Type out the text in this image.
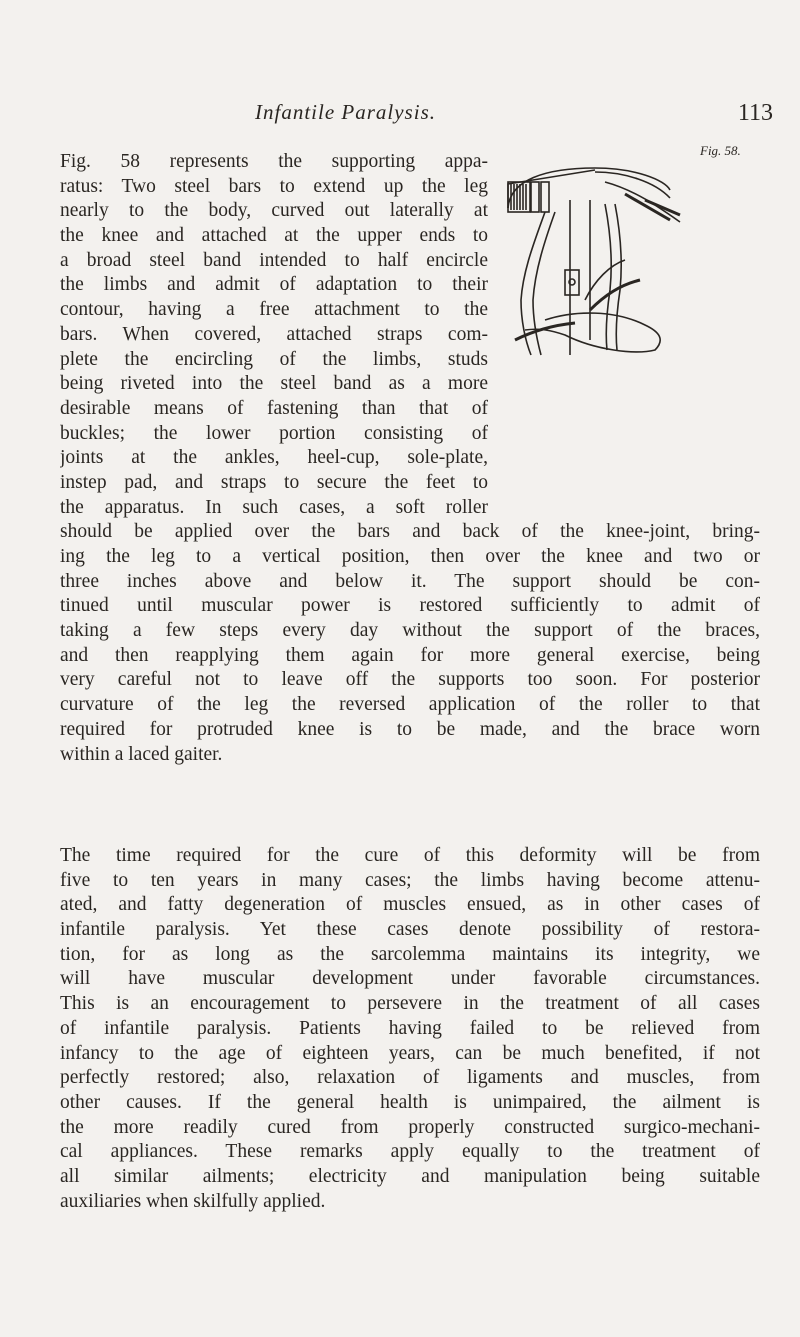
Infantile Paralysis.	113
Fig. 58.
Fig. 58 represents the supporting appa-
ratus: Two steel bars to extend up the leg
nearly to the body, curved out laterally at
the knee and attached at the upper ends to
a broad steel band intended to half encircle
the limbs and admit of adaptation to their
contour, having a free attachment to the
bars. When covered, attached straps com-
plete the encircling of the limbs, studs
being riveted into the steel band as a more
desirable means of fastening than that of
buckles; the lower portion consisting of
joints at the ankles, heel-cup, sole-plate,
instep pad, and straps to secure the feet to
the apparatus. In such cases, a soft roller
should be applied over the bars and back of the knee-joint, bring-
ing the leg to a vertical position, then over the knee and two or
three inches above and below it. The support should be con-
tinued until muscular power is restored sufficiently to admit of
taking a few steps every day without the support of the braces,
and then reapplying them again for more general exercise, being
very careful not to leave off the supports too soon. For posterior
curvature of the leg the reversed application of the roller to that
required for protruded knee is to be made, and the brace worn
within a laced gaiter.
The time required for the cure of this deformity will be from
five to ten years in many cases; the limbs having become attenu-
ated, and fatty degeneration of muscles ensued, as in other cases of
infantile paralysis. Yet these cases denote possibility of restora-
tion, for as long as the sarcolemma maintains its integrity, we
will have muscular development under favorable circumstances.
This is an encouragement to persevere in the treatment of all cases
of infantile paralysis. Patients having failed to be relieved from
infancy to the age of eighteen years, can be much benefited, if not
perfectly restored; also, relaxation of ligaments and muscles, from
other causes. If the general health is unimpaired, the ailment is
the more readily cured from properly constructed surgico-mechani-
cal appliances. These remarks apply equally to the treatment of
all similar ailments; electricity and manipulation being suitable
auxiliaries when skilfully applied.
